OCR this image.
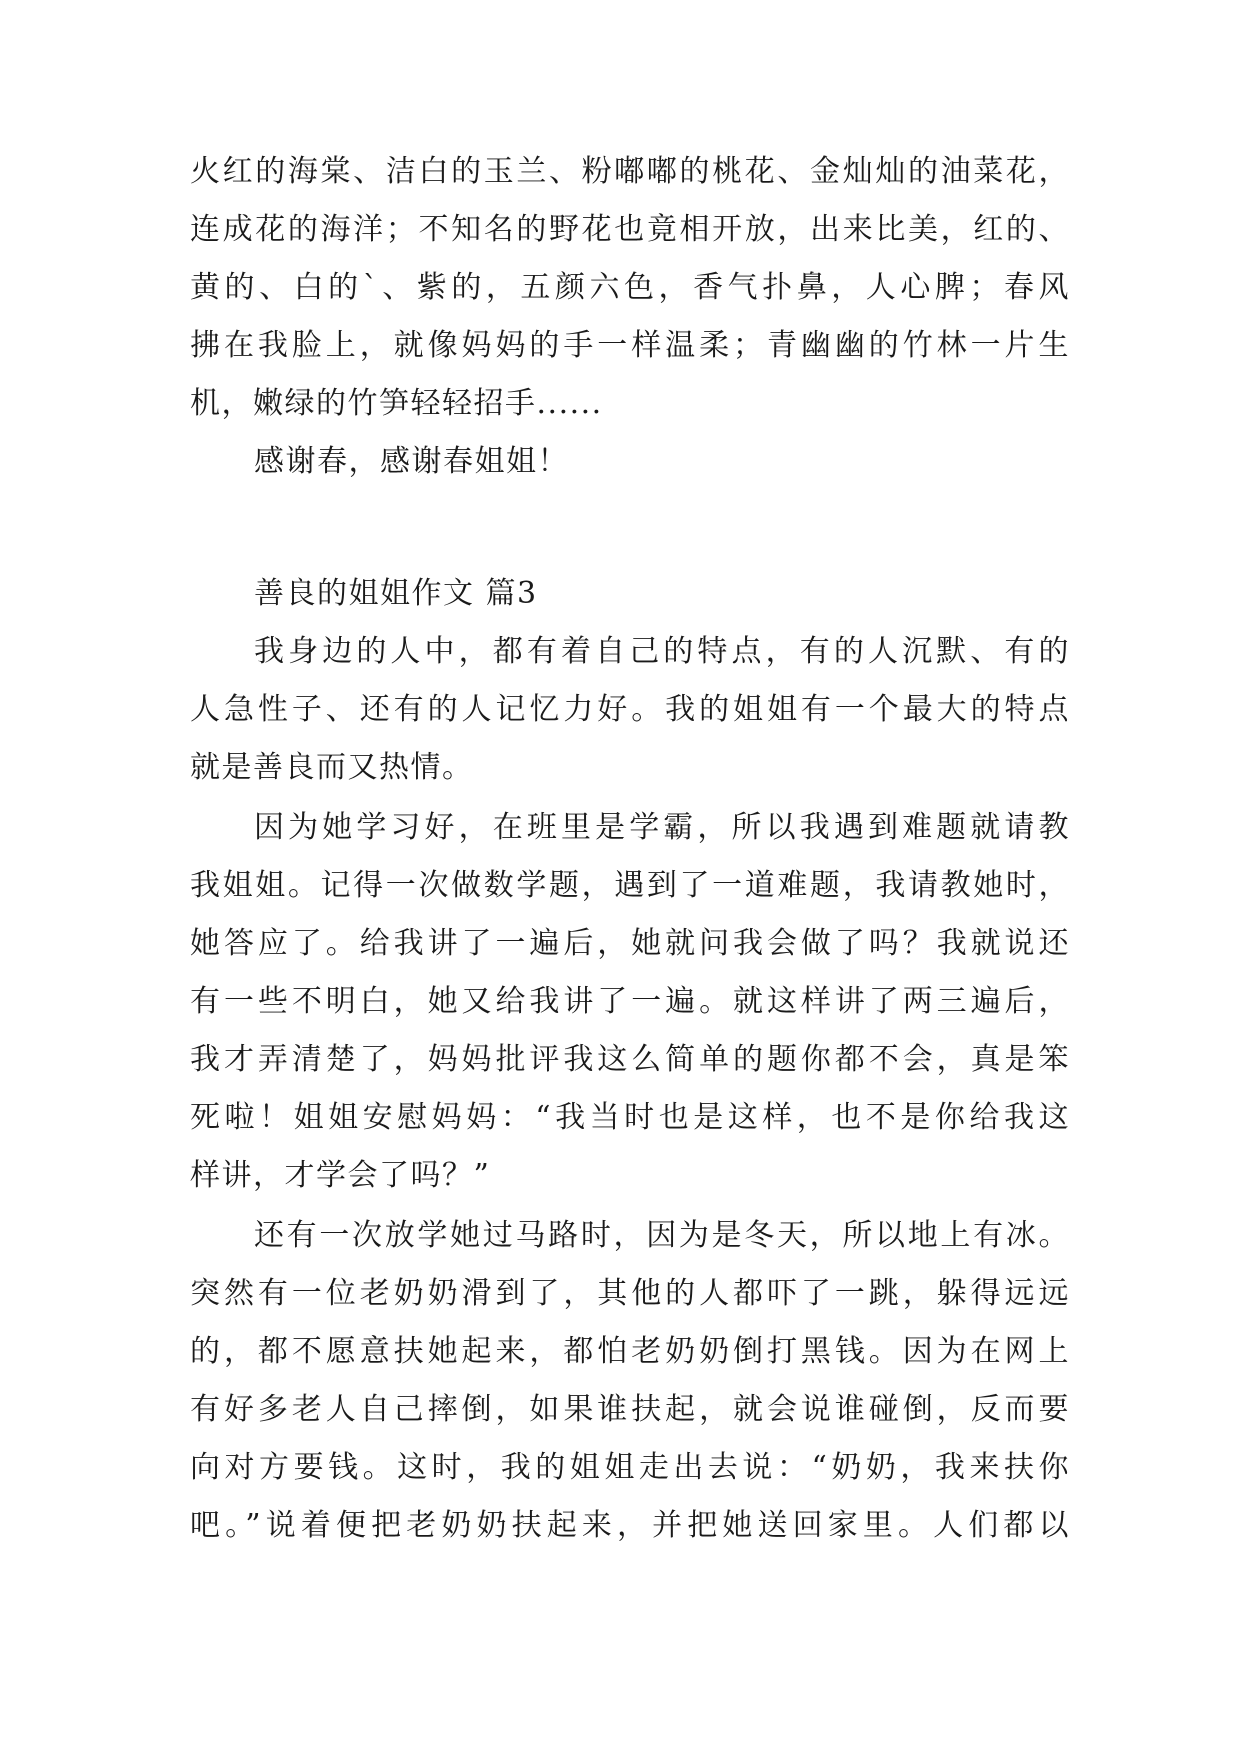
火红的海棠、洁白的玉兰、粉嘟嘟的桃花、金灿灿的油菜花，
连成花的海洋；不知名的野花也竟相开放，出来比美，红的、
黄的、白的`、紫的，五颜六色，香气扑鼻，人心脾；春风
拂在我脸上，就像妈妈的手一样温柔；青幽幽的竹林一片生
机，嫩绿的竹笋轻轻招手......
感谢春，感谢春姐姐！
善良的姐姐作文 篇3
我身边的人中，都有着自己的特点，有的人沉默、有的
人急性子、还有的人记忆力好。我的姐姐有一个最大的特点
就是善良而又热情。
因为她学习好，在班里是学霸，所以我遇到难题就请教
我姐姐。记得一次做数学题，遇到了一道难题，我请教她时，
她答应了。给我讲了一遍后，她就问我会做了吗？我就说还
有一些不明白，她又给我讲了一遍。就这样讲了两三遍后，
我才弄清楚了，妈妈批评我这么简单的题你都不会，真是笨
死啦！姐姐安慰妈妈：“我当时也是这样，也不是你给我这
样讲，才学会了吗？”
还有一次放学她过马路时，因为是冬天，所以地上有冰。
突然有一位老奶奶滑到了，其他的人都吓了一跳，躲得远远
的，都不愿意扶她起来，都怕老奶奶倒打黑钱。因为在网上
有好多老人自己摔倒，如果谁扶起，就会说谁碰倒，反而要
向对方要钱。这时，我的姐姐走出去说：“奶奶，我来扶你
吧。”说着便把老奶奶扶起来，并把她送回家里。人们都以
